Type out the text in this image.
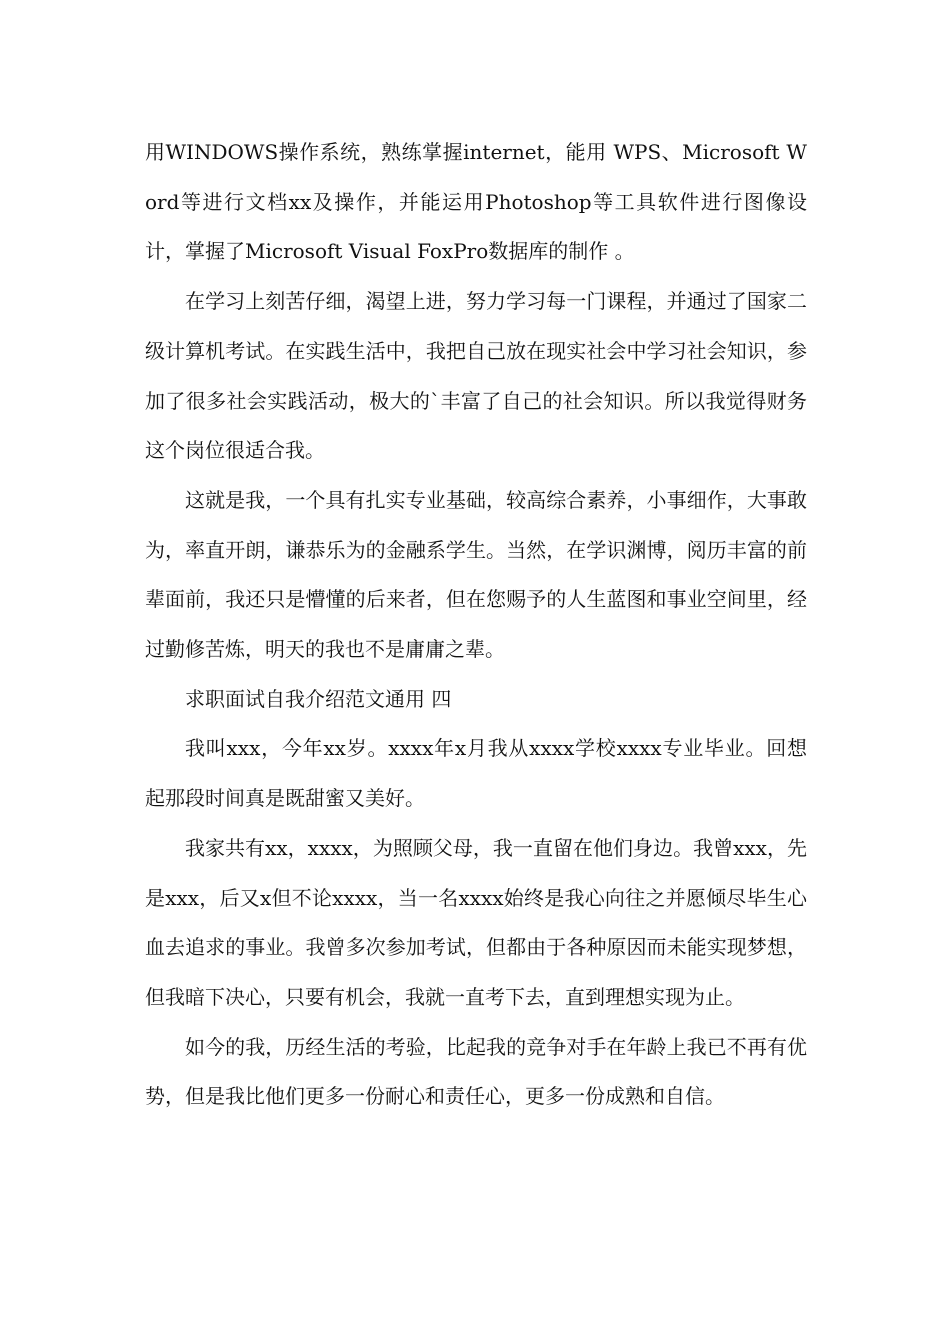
用WINDOWS操作系统，熟练掌握internet，能用 WPS、Microsoft Word等进行文档xx及操作，并能运用Photoshop等工具软件进行图像设计，掌握了Microsoft Visual FoxPro数据库的制作 。

在学习上刻苦仔细，渴望上进，努力学习每一门课程，并通过了国家二级计算机考试。在实践生活中，我把自己放在现实社会中学习社会知识，参加了很多社会实践活动，极大的`丰富了自己的社会知识。所以我觉得财务这个岗位很适合我。

这就是我，一个具有扎实专业基础，较高综合素养，小事细作，大事敢为，率直开朗，谦恭乐为的金融系学生。当然，在学识渊博，阅历丰富的前辈面前，我还只是懵懂的后来者，但在您赐予的人生蓝图和事业空间里，经过勤修苦炼，明天的我也不是庸庸之辈。

求职面试自我介绍范文通用 四

我叫xxx，今年xx岁。xxxx年x月我从xxxx学校xxxx专业毕业。回想起那段时间真是既甜蜜又美好。

我家共有xx，xxxx，为照顾父母，我一直留在他们身边。我曾xxx，先是xxx，后又x但不论xxxx，当一名xxxx始终是我心向往之并愿倾尽毕生心血去追求的事业。我曾多次参加考试，但都由于各种原因而未能实现梦想，但我暗下决心，只要有机会，我就一直考下去，直到理想实现为止。

如今的我，历经生活的考验，比起我的竞争对手在年龄上我已不再有优势，但是我比他们更多一份耐心和责任心，更多一份成熟和自信。
